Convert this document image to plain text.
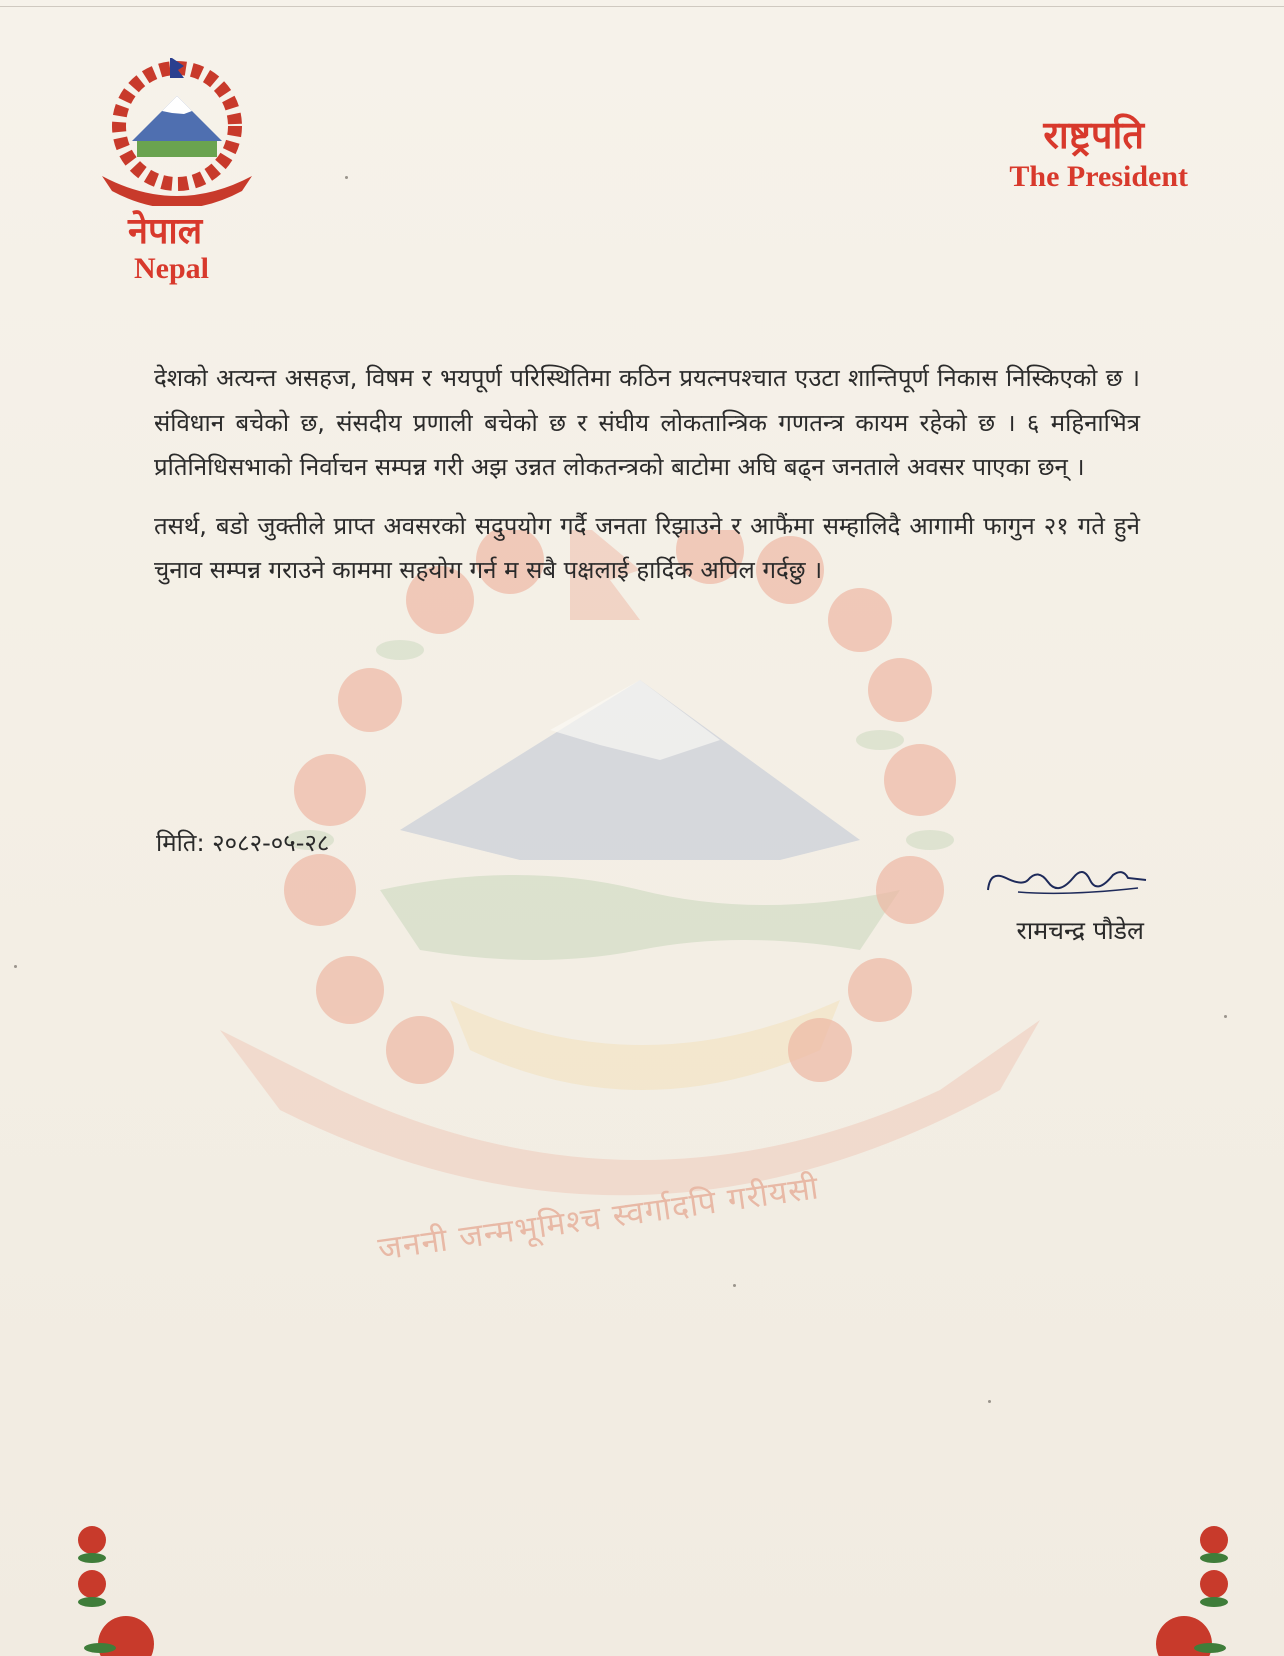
जननी जन्मभूमिश्च स्वर्गादपि गरीयसी
नेपाल
Nepal
राष्ट्रपति
The President

देशको अत्यन्त असहज, विषम र भयपूर्ण परिस्थितिमा कठिन प्रयत्नपश्चात एउटा शान्तिपूर्ण निकास निस्किएको छ । संविधान बचेको छ, संसदीय प्रणाली बचेको छ र संघीय लोकतान्त्रिक गणतन्त्र कायम रहेको छ । ६ महिनाभित्र प्रतिनिधिसभाको निर्वाचन सम्पन्न गरी अझ उन्नत लोकतन्त्रको बाटोमा अघि बढ्न जनताले अवसर पाएका छन् ।

तसर्थ, बडो जुक्तीले प्राप्त अवसरको सदुपयोग गर्दै जनता रिझाउने र आफैंमा सम्हालिदै आगामी फागुन २१ गते हुने चुनाव सम्पन्न गराउने काममा सहयोग गर्न म सबै पक्षलाई हार्दिक अपिल गर्दछु ।

मिति: २०८२-०५-२८
रामचन्द्र पौडेल
